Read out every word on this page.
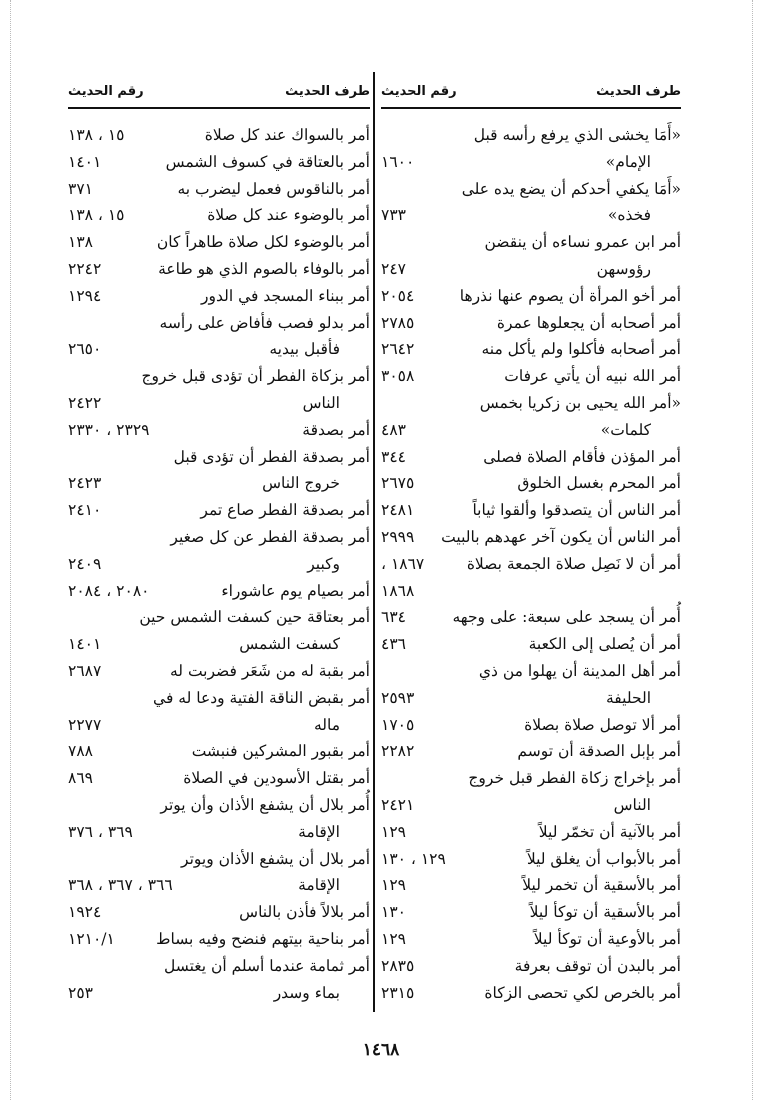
طرف الحديث
رقم الحديث
طرف الحديث
رقم الحديث
«أَمَا يخشى الذي يرفع رأسه قبل
الإمام»
١٦٠٠
«أَمَا يكفي أحدكم أن يضع يده على
فخذه»
٧٣٣
أمر ابن عمرو نساءه أن ينقضن
رؤوسهن
٢٤٧
أمر أخو المرأة أن يصوم عنها نذرها
٢٠٥٤
أمر أصحابه أن يجعلوها عمرة
٢٧٨٥
أمر أصحابه فأكلوا ولم يأكل منه
٢٦٤٢
أمر الله نبيه أن يأتي عرفات
٣٠٥٨
«أمر الله يحيى بن زكريا بخمس
كلمات»
٤٨٣
أمر المؤذن فأقام الصلاة فصلى
٣٤٤
أمر المحرم بغسل الخلوق
٢٦٧٥
أمر الناس أن يتصدقوا وألقوا ثياباً
٢٤٨١
أمر الناس أن يكون آخر عهدهم بالبيت
٢٩٩٩
أمر أن لا نَصِل صلاة الجمعة بصلاة
١٨٦٧ ،
١٨٦٨
أُمر أن يسجد على سبعة: على وجهه
٦٣٤
أمر أن يُصلى إلى الكعبة
٤٣٦
أمر أهل المدينة أن يهلوا من ذي
الحليفة
٢٥٩٣
أمر ألا توصل صلاة بصلاة
١٧٠٥
أمر بإبل الصدقة أن توسم
٢٢٨٢
أمر بإخراج زكاة الفطر قبل خروج
الناس
٢٤٢١
أمر بالآنية أن تخمّر ليلاً
١٢٩
أمر بالأبواب أن يغلق ليلاً
١٢٩ ، ١٣٠
أمر بالأسقية أن تخمر ليلاً
١٢٩
أمر بالأسقية أن توكأ ليلاً
١٣٠
أمر بالأوعية أن توكأ ليلاً
١٢٩
أمر بالبدن أن توقف بعرفة
٢٨٣٥
أمر بالخرص لكي تحصى الزكاة
٢٣١٥
أمر بالسواك عند كل صلاة
١٥ ، ١٣٨
أمر بالعتاقة في كسوف الشمس
١٤٠١
أمر بالناقوس فعمل ليضرب به
٣٧١
أمر بالوضوء عند كل صلاة
١٥ ، ١٣٨
أمر بالوضوء لكل صلاة طاهراً كان
١٣٨
أمر بالوفاء بالصوم الذي هو طاعة
٢٢٤٢
أمر ببناء المسجد في الدور
١٢٩٤
أمر بدلو فصب فأفاض على رأسه
فأقبل بيديه
٢٦٥٠
أمر بزكاة الفطر أن تؤدى قبل خروج
الناس
٢٤٢٢
أمر بصدقة
٢٣٢٩ ، ٢٣٣٠
أمر بصدقة الفطر أن تؤدى قبل
خروج الناس
٢٤٢٣
أمر بصدقة الفطر صاع تمر
٢٤١٠
أمر بصدقة الفطر عن كل صغير
وكبير
٢٤٠٩
أمر بصيام يوم عاشوراء
٢٠٨٠ ، ٢٠٨٤
أمر بعتاقة حين كسفت الشمس حين
كسفت الشمس
١٤٠١
أمر بقبة له من شَعَر فضربت له
٢٦٨٧
أمر بقبض الناقة الفتية ودعا له في
ماله
٢٢٧٧
أمر بقبور المشركين فنبشت
٧٨٨
أمر بقتل الأسودين في الصلاة
٨٦٩
أُمر بلال أن يشفع الأذان وأن يوتر
الإقامة
٣٦٩ ، ٣٧٦
أمر بلال أن يشفع الأذان ويوتر
الإقامة
٣٦٦ ، ٣٦٧ ، ٣٦٨
أمر بلالاً فأذن بالناس
١٩٢٤
أمر بناحية بيتهم فنضح وفيه بساط
١٢١٠/١
أمر ثمامة عندما أسلم أن يغتسل
بماء وسدر
٢٥٣
١٤٦٨
